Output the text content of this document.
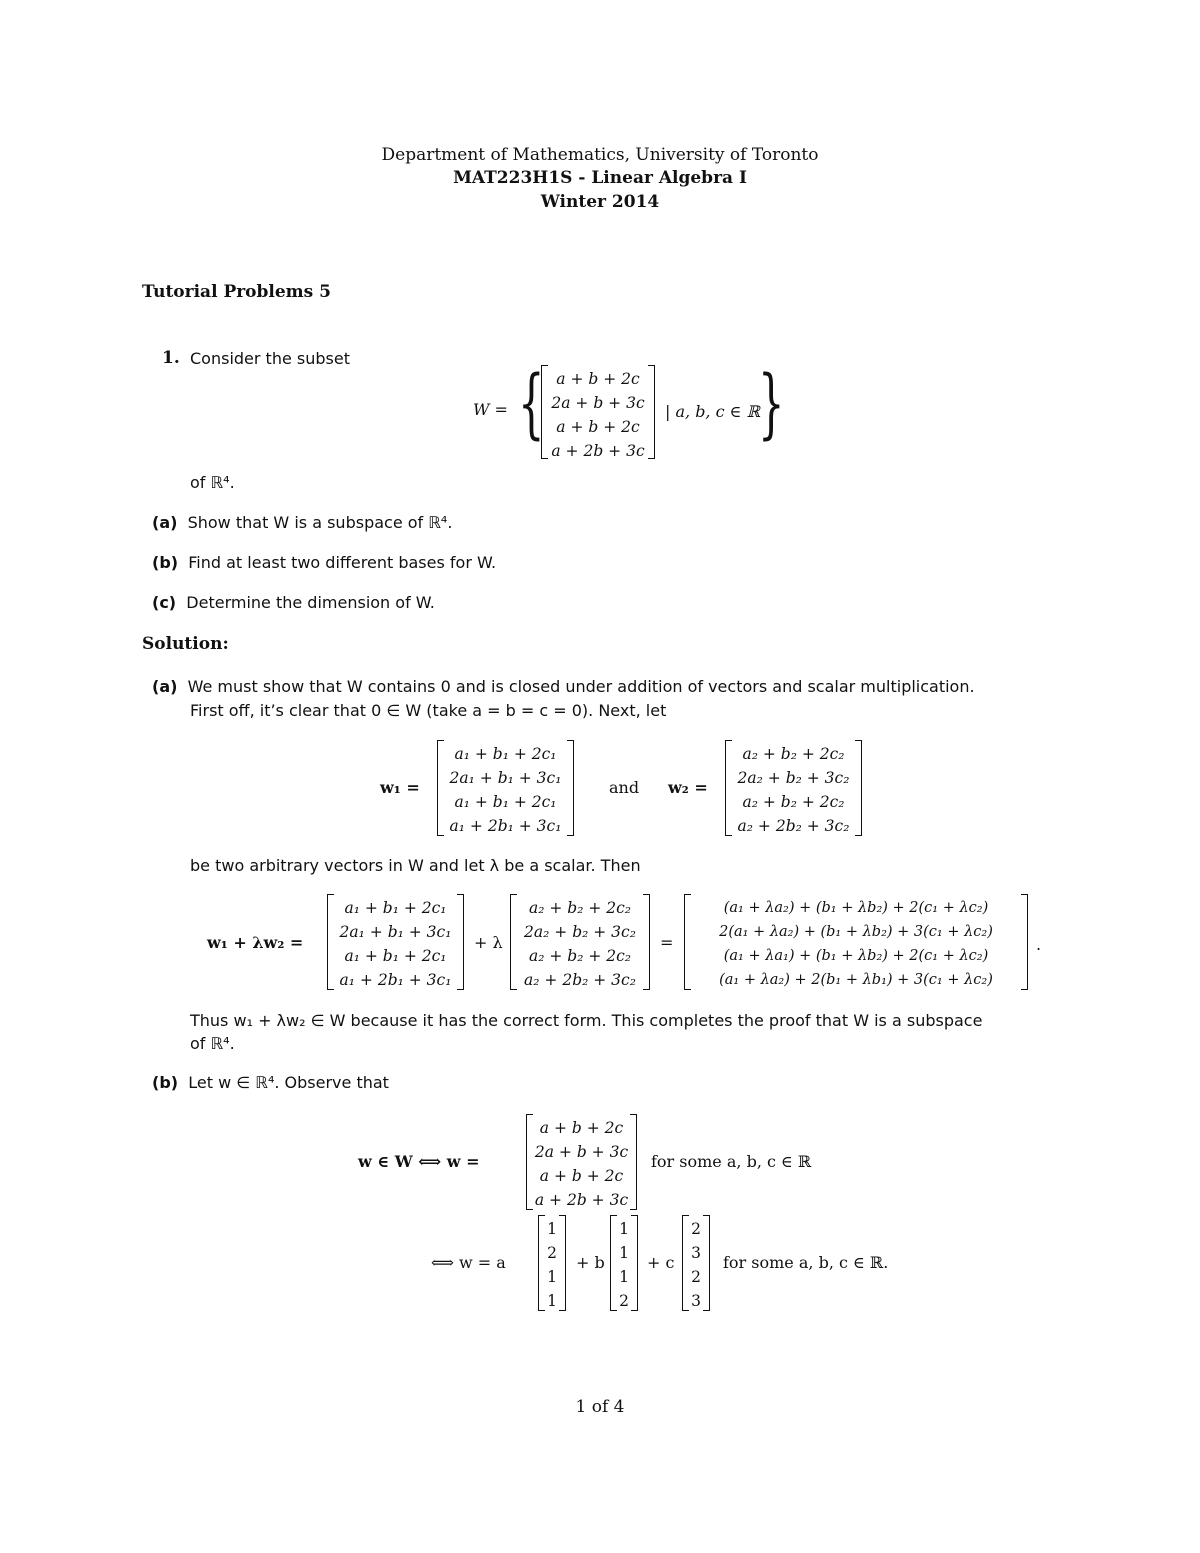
Department of Mathematics, University of Toronto
MAT223H1S - Linear Algebra I
Winter 2014
Tutorial Problems 5
1. Consider the subset
W = { a + b + 2c
2a + b + 3c
a + b + 2c
a + 2b + 3c
| a, b, c ∈ ℝ
}
of ℝ⁴.
(a) Show that W is a subspace of ℝ⁴.
(b) Find at least two different bases for W.
(c) Determine the dimension of W.
Solution:
(a) We must show that W contains 0 and is closed under addition of vectors and scalar multiplication.
First off, it’s clear that 0 ∈ W (take a = b = c = 0). Next, let
w₁ =
a₁ + b₁ + 2c₁
2a₁ + b₁ + 3c₁
a₁ + b₁ + 2c₁
a₁ + 2b₁ + 3c₁
and w₂ =
a₂ + b₂ + 2c₂
2a₂ + b₂ + 3c₂
a₂ + b₂ + 2c₂
a₂ + 2b₂ + 3c₂
be two arbitrary vectors in W and let λ be a scalar. Then
w₁ + λw₂ =
a₁ + b₁ + 2c₁
2a₁ + b₁ + 3c₁
a₁ + b₁ + 2c₁
a₁ + 2b₁ + 3c₁
+ λ
a₂ + b₂ + 2c₂
2a₂ + b₂ + 3c₂
a₂ + b₂ + 2c₂
a₂ + 2b₂ + 3c₂
=
(a₁ + λa₂) + (b₁ + λb₂) + 2(c₁ + λc₂)
2(a₁ + λa₂) + (b₁ + λb₂) + 3(c₁ + λc₂)
(a₁ + λa₁) + (b₁ + λb₂) + 2(c₁ + λc₂)
(a₁ + λa₂) + 2(b₁ + λb₁) + 3(c₁ + λc₂)
.
Thus w₁ + λw₂ ∈ W because it has the correct form. This completes the proof that W is a subspace
of ℝ⁴.
(b) Let w ∈ ℝ⁴. Observe that
w ∈ W ⟺ w =
a + b + 2c
2a + b + 3c
a + b + 2c
a + 2b + 3c
for some a, b, c ∈ ℝ
⟺ w = a
1
2
1
1
+ b
1
1
1
2
+ c
2
3
2
3
for some a, b, c ∈ ℝ.
1 of 4
